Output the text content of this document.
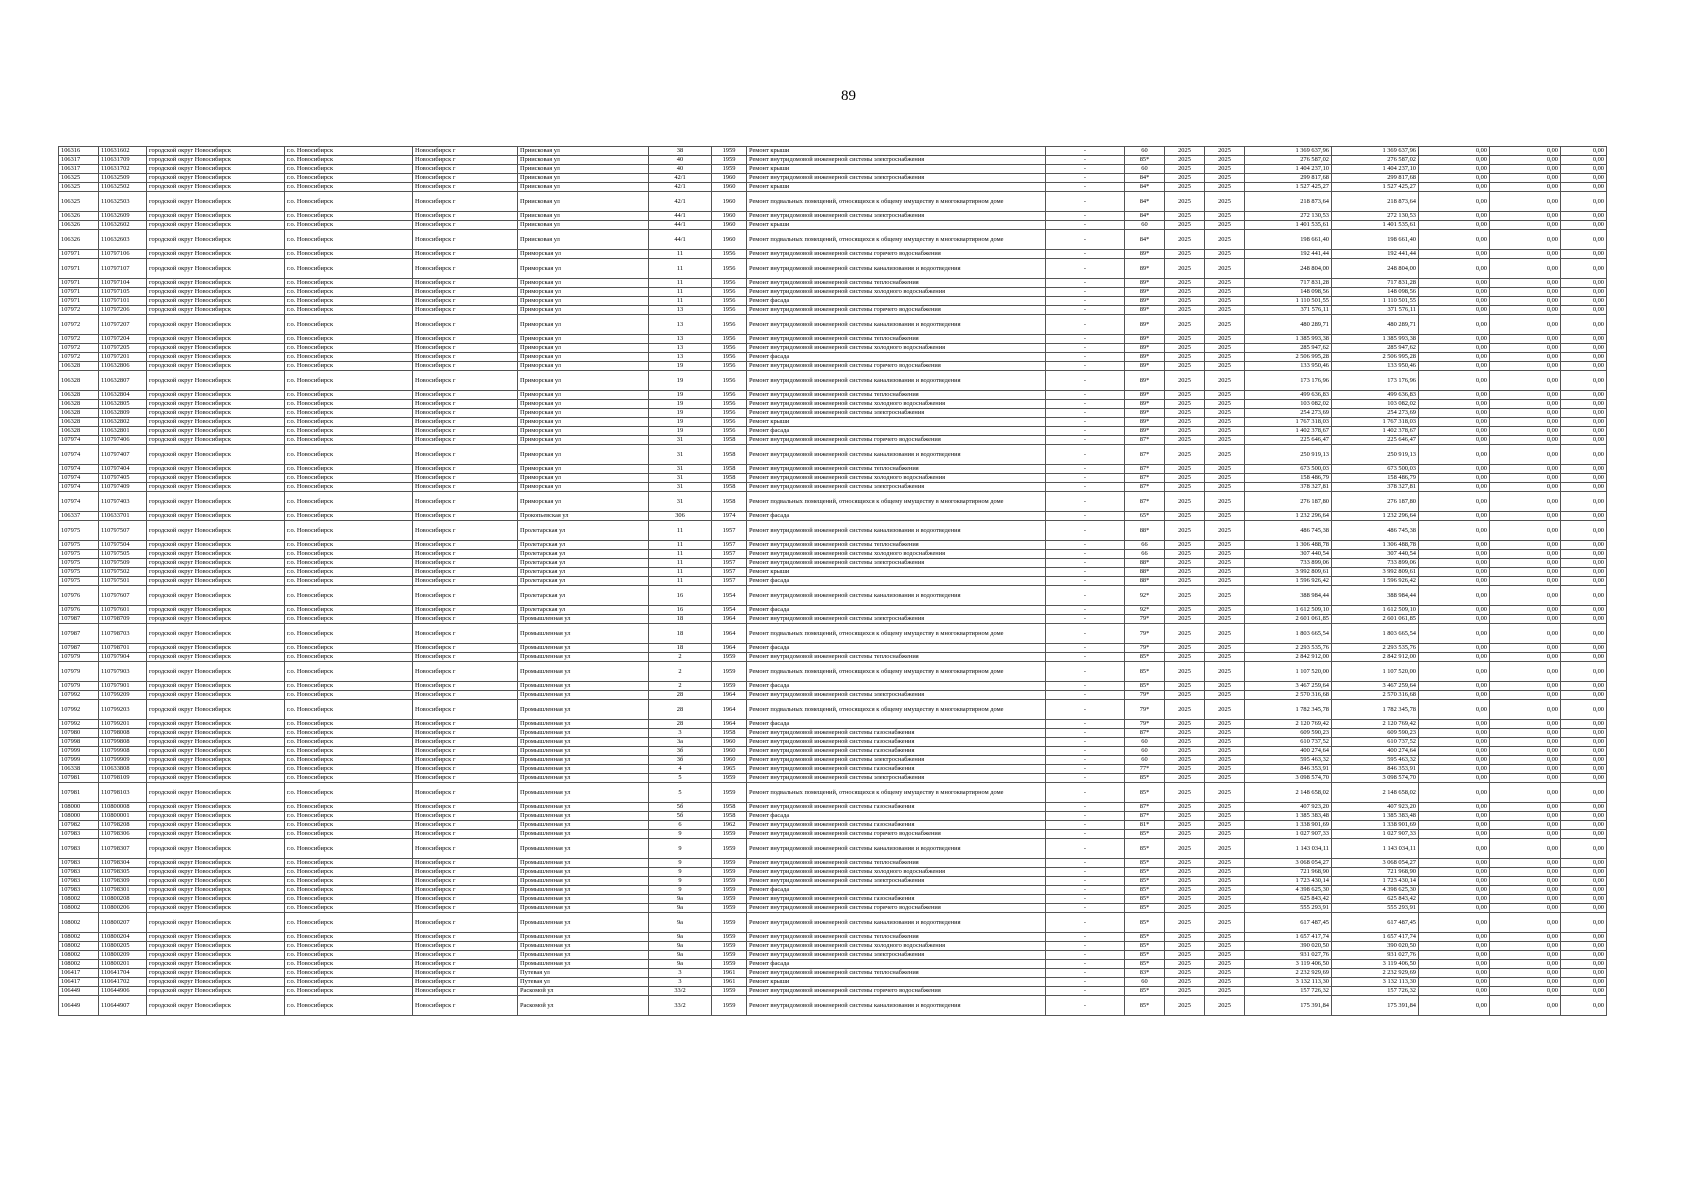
89
106316	110631602	городской округ Новосибирск	г.о. Новосибирск	Новосибирск г	Приисковая ул	38	1959	Ремонт крыши	-	60	2025	2025	1 369 637,96	1 369 637,96	0,00	0,00	0,00
106317	110631709	городской округ Новосибирск	г.о. Новосибирск	Новосибирск г	Приисковая ул	40	1959	Ремонт внутридомовой инженерной системы электроснабжения	-	85*	2025	2025	276 587,02	276 587,02	0,00	0,00	0,00
106317	110631702	городской округ Новосибирск	г.о. Новосибирск	Новосибирск г	Приисковая ул	40	1959	Ремонт крыши	-	60	2025	2025	1 404 237,10	1 404 237,10	0,00	0,00	0,00
106325	110632509	городской округ Новосибирск	г.о. Новосибирск	Новосибирск г	Приисковая ул	42/1	1960	Ремонт внутридомовой инженерной системы электроснабжения	-	84*	2025	2025	299 817,68	299 817,68	0,00	0,00	0,00
106325	110632502	городской округ Новосибирск	г.о. Новосибирск	Новосибирск г	Приисковая ул	42/1	1960	Ремонт крыши	-	84*	2025	2025	1 527 425,27	1 527 425,27	0,00	0,00	0,00
106325	110632503	городской округ Новосибирск	г.о. Новосибирск	Новосибирск г	Приисковая ул	42/1	1960	Ремонт подвальных помещений, относящихся к общему имуществу в многоквартирном доме	-	84*	2025	2025	218 873,64	218 873,64	0,00	0,00	0,00
106326	110632609	городской округ Новосибирск	г.о. Новосибирск	Новосибирск г	Приисковая ул	44/1	1960	Ремонт внутридомовой инженерной системы электроснабжения	-	84*	2025	2025	272 130,53	272 130,53	0,00	0,00	0,00
106326	110632602	городской округ Новосибирск	г.о. Новосибирск	Новосибирск г	Приисковая ул	44/1	1960	Ремонт крыши	-	60	2025	2025	1 401 535,61	1 401 535,61	0,00	0,00	0,00
106326	110632603	городской округ Новосибирск	г.о. Новосибирск	Новосибирск г	Приисковая ул	44/1	1960	Ремонт подвальных помещений, относящихся к общему имуществу в многоквартирном доме	-	84*	2025	2025	198 661,40	198 661,40	0,00	0,00	0,00
107971	110797106	городской округ Новосибирск	г.о. Новосибирск	Новосибирск г	Приморская ул	11	1956	Ремонт внутридомовой инженерной системы горячего водоснабжения	-	89*	2025	2025	192 441,44	192 441,44	0,00	0,00	0,00
107971	110797107	городской округ Новосибирск	г.о. Новосибирск	Новосибирск г	Приморская ул	11	1956	Ремонт внутридомовой инженерной системы канализования и водоотведения	-	89*	2025	2025	248 804,00	248 804,00	0,00	0,00	0,00
107971	110797104	городской округ Новосибирск	г.о. Новосибирск	Новосибирск г	Приморская ул	11	1956	Ремонт внутридомовой инженерной системы теплоснабжения	-	89*	2025	2025	717 831,28	717 831,28	0,00	0,00	0,00
107971	110797105	городской округ Новосибирск	г.о. Новосибирск	Новосибирск г	Приморская ул	11	1956	Ремонт внутридомовой инженерной системы холодного водоснабжения	-	89*	2025	2025	148 098,56	148 098,56	0,00	0,00	0,00
107971	110797101	городской округ Новосибирск	г.о. Новосибирск	Новосибирск г	Приморская ул	11	1956	Ремонт фасада	-	89*	2025	2025	1 110 501,55	1 110 501,55	0,00	0,00	0,00
107972	110797206	городской округ Новосибирск	г.о. Новосибирск	Новосибирск г	Приморская ул	13	1956	Ремонт внутридомовой инженерной системы горячего водоснабжения	-	89*	2025	2025	371 576,11	371 576,11	0,00	0,00	0,00
107972	110797207	городской округ Новосибирск	г.о. Новосибирск	Новосибирск г	Приморская ул	13	1956	Ремонт внутридомовой инженерной системы канализования и водоотведения	-	89*	2025	2025	480 289,71	480 289,71	0,00	0,00	0,00
107972	110797204	городской округ Новосибирск	г.о. Новосибирск	Новосибирск г	Приморская ул	13	1956	Ремонт внутридомовой инженерной системы теплоснабжения	-	89*	2025	2025	1 385 993,38	1 385 993,38	0,00	0,00	0,00
107972	110797205	городской округ Новосибирск	г.о. Новосибирск	Новосибирск г	Приморская ул	13	1956	Ремонт внутридомовой инженерной системы холодного водоснабжения	-	89*	2025	2025	285 947,62	285 947,62	0,00	0,00	0,00
107972	110797201	городской округ Новосибирск	г.о. Новосибирск	Новосибирск г	Приморская ул	13	1956	Ремонт фасада	-	89*	2025	2025	2 506 995,28	2 506 995,28	0,00	0,00	0,00
106328	110632806	городской округ Новосибирск	г.о. Новосибирск	Новосибирск г	Приморская ул	19	1956	Ремонт внутридомовой инженерной системы горячего водоснабжения	-	89*	2025	2025	133 950,46	133 950,46	0,00	0,00	0,00
106328	110632807	городской округ Новосибирск	г.о. Новосибирск	Новосибирск г	Приморская ул	19	1956	Ремонт внутридомовой инженерной системы канализования и водоотведения	-	89*	2025	2025	173 176,96	173 176,96	0,00	0,00	0,00
106328	110632804	городской округ Новосибирск	г.о. Новосибирск	Новосибирск г	Приморская ул	19	1956	Ремонт внутридомовой инженерной системы теплоснабжения	-	89*	2025	2025	499 636,83	499 636,83	0,00	0,00	0,00
106328	110632805	городской округ Новосибирск	г.о. Новосибирск	Новосибирск г	Приморская ул	19	1956	Ремонт внутридомовой инженерной системы холодного водоснабжения	-	89*	2025	2025	103 082,02	103 082,02	0,00	0,00	0,00
106328	110632809	городской округ Новосибирск	г.о. Новосибирск	Новосибирск г	Приморская ул	19	1956	Ремонт внутридомовой инженерной системы электроснабжения	-	89*	2025	2025	254 273,69	254 273,69	0,00	0,00	0,00
106328	110632802	городской округ Новосибирск	г.о. Новосибирск	Новосибирск г	Приморская ул	19	1956	Ремонт крыши	-	89*	2025	2025	1 767 318,03	1 767 318,03	0,00	0,00	0,00
106328	110632801	городской округ Новосибирск	г.о. Новосибирск	Новосибирск г	Приморская ул	19	1956	Ремонт фасада	-	89*	2025	2025	1 402 378,67	1 402 378,67	0,00	0,00	0,00
107974	110797406	городской округ Новосибирск	г.о. Новосибирск	Новосибирск г	Приморская ул	31	1958	Ремонт внутридомовой инженерной системы горячего водоснабжения	-	87*	2025	2025	225 646,47	225 646,47	0,00	0,00	0,00
107974	110797407	городской округ Новосибирск	г.о. Новосибирск	Новосибирск г	Приморская ул	31	1958	Ремонт внутридомовой инженерной системы канализования и водоотведения	-	87*	2025	2025	250 919,13	250 919,13	0,00	0,00	0,00
107974	110797404	городской округ Новосибирск	г.о. Новосибирск	Новосибирск г	Приморская ул	31	1958	Ремонт внутридомовой инженерной системы теплоснабжения	-	87*	2025	2025	673 500,03	673 500,03	0,00	0,00	0,00
107974	110797405	городской округ Новосибирск	г.о. Новосибирск	Новосибирск г	Приморская ул	31	1958	Ремонт внутридомовой инженерной системы холодного водоснабжения	-	87*	2025	2025	158 486,79	158 486,79	0,00	0,00	0,00
107974	110797409	городской округ Новосибирск	г.о. Новосибирск	Новосибирск г	Приморская ул	31	1958	Ремонт внутридомовой инженерной системы электроснабжения	-	87*	2025	2025	378 327,81	378 327,81	0,00	0,00	0,00
107974	110797403	городской округ Новосибирск	г.о. Новосибирск	Новосибирск г	Приморская ул	31	1958	Ремонт подвальных помещений, относящихся к общему имуществу в многоквартирном доме	-	87*	2025	2025	276 187,80	276 187,80	0,00	0,00	0,00
106337	110633701	городской округ Новосибирск	г.о. Новосибирск	Новосибирск г	Прокопьевская ул	306	1974	Ремонт фасада	-	65*	2025	2025	1 232 296,64	1 232 296,64	0,00	0,00	0,00
107975	110797507	городской округ Новосибирск	г.о. Новосибирск	Новосибирск г	Пролетарская ул	11	1957	Ремонт внутридомовой инженерной системы канализования и водоотведения	-	88*	2025	2025	486 745,38	486 745,38	0,00	0,00	0,00
107975	110797504	городской округ Новосибирск	г.о. Новосибирск	Новосибирск г	Пролетарская ул	11	1957	Ремонт внутридомовой инженерной системы теплоснабжения	-	66	2025	2025	1 306 488,78	1 306 488,78	0,00	0,00	0,00
107975	110797505	городской округ Новосибирск	г.о. Новосибирск	Новосибирск г	Пролетарская ул	11	1957	Ремонт внутридомовой инженерной системы холодного водоснабжения	-	66	2025	2025	307 440,54	307 440,54	0,00	0,00	0,00
107975	110797509	городской округ Новосибирск	г.о. Новосибирск	Новосибирск г	Пролетарская ул	11	1957	Ремонт внутридомовой инженерной системы электроснабжения	-	88*	2025	2025	733 899,06	733 899,06	0,00	0,00	0,00
107975	110797502	городской округ Новосибирск	г.о. Новосибирск	Новосибирск г	Пролетарская ул	11	1957	Ремонт крыши	-	88*	2025	2025	3 992 809,61	3 992 809,61	0,00	0,00	0,00
107975	110797501	городской округ Новосибирск	г.о. Новосибирск	Новосибирск г	Пролетарская ул	11	1957	Ремонт фасада	-	88*	2025	2025	1 596 926,42	1 596 926,42	0,00	0,00	0,00
107976	110797607	городской округ Новосибирск	г.о. Новосибирск	Новосибирск г	Пролетарская ул	16	1954	Ремонт внутридомовой инженерной системы канализования и водоотведения	-	92*	2025	2025	388 984,44	388 984,44	0,00	0,00	0,00
107976	110797601	городской округ Новосибирск	г.о. Новосибирск	Новосибирск г	Пролетарская ул	16	1954	Ремонт фасада	-	92*	2025	2025	1 612 509,10	1 612 509,10	0,00	0,00	0,00
107987	110798709	городской округ Новосибирск	г.о. Новосибирск	Новосибирск г	Промышленная ул	18	1964	Ремонт внутридомовой инженерной системы электроснабжения	-	79*	2025	2025	2 601 061,85	2 601 061,85	0,00	0,00	0,00
107987	110798703	городской округ Новосибирск	г.о. Новосибирск	Новосибирск г	Промышленная ул	18	1964	Ремонт подвальных помещений, относящихся к общему имуществу в многоквартирном доме	-	79*	2025	2025	1 803 665,54	1 803 665,54	0,00	0,00	0,00
107987	110798701	городской округ Новосибирск	г.о. Новосибирск	Новосибирск г	Промышленная ул	18	1964	Ремонт фасада	-	79*	2025	2025	2 293 535,76	2 293 535,76	0,00	0,00	0,00
107979	110797904	городской округ Новосибирск	г.о. Новосибирск	Новосибирск г	Промышленная ул	2	1959	Ремонт внутридомовой инженерной системы теплоснабжения	-	85*	2025	2025	2 842 912,00	2 842 912,00	0,00	0,00	0,00
107979	110797903	городской округ Новосибирск	г.о. Новосибирск	Новосибирск г	Промышленная ул	2	1959	Ремонт подвальных помещений, относящихся к общему имуществу в многоквартирном доме	-	85*	2025	2025	1 107 520,00	1 107 520,00	0,00	0,00	0,00
107979	110797901	городской округ Новосибирск	г.о. Новосибирск	Новосибирск г	Промышленная ул	2	1959	Ремонт фасада	-	85*	2025	2025	3 467 259,64	3 467 259,64	0,00	0,00	0,00
107992	110799209	городской округ Новосибирск	г.о. Новосибирск	Новосибирск г	Промышленная ул	28	1964	Ремонт внутридомовой инженерной системы электроснабжения	-	79*	2025	2025	2 570 316,68	2 570 316,68	0,00	0,00	0,00
107992	110799203	городской округ Новосибирск	г.о. Новосибирск	Новосибирск г	Промышленная ул	28	1964	Ремонт подвальных помещений, относящихся к общему имуществу в многоквартирном доме	-	79*	2025	2025	1 782 345,78	1 782 345,78	0,00	0,00	0,00
107992	110799201	городской округ Новосибирск	г.о. Новосибирск	Новосибирск г	Промышленная ул	28	1964	Ремонт фасада	-	79*	2025	2025	2 120 769,42	2 120 769,42	0,00	0,00	0,00
107980	110798008	городской округ Новосибирск	г.о. Новосибирск	Новосибирск г	Промышленная ул	3	1958	Ремонт внутридомовой инженерной системы газоснабжения	-	87*	2025	2025	609 590,23	609 590,23	0,00	0,00	0,00
107998	110799808	городской округ Новосибирск	г.о. Новосибирск	Новосибирск г	Промышленная ул	3а	1960	Ремонт внутридомовой инженерной системы газоснабжения	-	60	2025	2025	610 737,52	610 737,52	0,00	0,00	0,00
107999	110799908	городской округ Новосибирск	г.о. Новосибирск	Новосибирск г	Промышленная ул	3б	1960	Ремонт внутридомовой инженерной системы газоснабжения	-	60	2025	2025	400 274,64	400 274,64	0,00	0,00	0,00
107999	110799909	городской округ Новосибирск	г.о. Новосибирск	Новосибирск г	Промышленная ул	3б	1960	Ремонт внутридомовой инженерной системы электроснабжения	-	60	2025	2025	595 463,32	595 463,32	0,00	0,00	0,00
106338	110633808	городской округ Новосибирск	г.о. Новосибирск	Новосибирск г	Промышленная ул	4	1965	Ремонт внутридомовой инженерной системы газоснабжения	-	77*	2025	2025	846 353,91	846 353,91	0,00	0,00	0,00
107981	110798109	городской округ Новосибирск	г.о. Новосибирск	Новосибирск г	Промышленная ул	5	1959	Ремонт внутридомовой инженерной системы электроснабжения	-	85*	2025	2025	3 098 574,70	3 098 574,70	0,00	0,00	0,00
107981	110798103	городской округ Новосибирск	г.о. Новосибирск	Новосибирск г	Промышленная ул	5	1959	Ремонт подвальных помещений, относящихся к общему имуществу в многоквартирном доме	-	85*	2025	2025	2 148 658,02	2 148 658,02	0,00	0,00	0,00
108000	110800008	городской округ Новосибирск	г.о. Новосибирск	Новосибирск г	Промышленная ул	5б	1958	Ремонт внутридомовой инженерной системы газоснабжения	-	87*	2025	2025	407 923,20	407 923,20	0,00	0,00	0,00
108000	110800001	городской округ Новосибирск	г.о. Новосибирск	Новосибирск г	Промышленная ул	5б	1958	Ремонт фасада	-	87*	2025	2025	1 385 383,48	1 385 383,48	0,00	0,00	0,00
107982	110798208	городской округ Новосибирск	г.о. Новосибирск	Новосибирск г	Промышленная ул	6	1962	Ремонт внутридомовой инженерной системы газоснабжения	-	81*	2025	2025	1 338 901,69	1 338 901,69	0,00	0,00	0,00
107983	110798306	городской округ Новосибирск	г.о. Новосибирск	Новосибирск г	Промышленная ул	9	1959	Ремонт внутридомовой инженерной системы горячего водоснабжения	-	85*	2025	2025	1 027 907,33	1 027 907,33	0,00	0,00	0,00
107983	110798307	городской округ Новосибирск	г.о. Новосибирск	Новосибирск г	Промышленная ул	9	1959	Ремонт внутридомовой инженерной системы канализования и водоотведения	-	85*	2025	2025	1 143 034,11	1 143 034,11	0,00	0,00	0,00
107983	110798304	городской округ Новосибирск	г.о. Новосибирск	Новосибирск г	Промышленная ул	9	1959	Ремонт внутридомовой инженерной системы теплоснабжения	-	85*	2025	2025	3 068 054,27	3 068 054,27	0,00	0,00	0,00
107983	110798305	городской округ Новосибирск	г.о. Новосибирск	Новосибирск г	Промышленная ул	9	1959	Ремонт внутридомовой инженерной системы холодного водоснабжения	-	85*	2025	2025	721 968,90	721 968,90	0,00	0,00	0,00
107983	110798309	городской округ Новосибирск	г.о. Новосибирск	Новосибирск г	Промышленная ул	9	1959	Ремонт внутридомовой инженерной системы электроснабжения	-	85*	2025	2025	1 723 430,14	1 723 430,14	0,00	0,00	0,00
107983	110798301	городской округ Новосибирск	г.о. Новосибирск	Новосибирск г	Промышленная ул	9	1959	Ремонт фасада	-	85*	2025	2025	4 398 625,30	4 398 625,30	0,00	0,00	0,00
108002	110800208	городской округ Новосибирск	г.о. Новосибирск	Новосибирск г	Промышленная ул	9а	1959	Ремонт внутридомовой инженерной системы газоснабжения	-	85*	2025	2025	625 843,42	625 843,42	0,00	0,00	0,00
108002	110800206	городской округ Новосибирск	г.о. Новосибирск	Новосибирск г	Промышленная ул	9а	1959	Ремонт внутридомовой инженерной системы горячего водоснабжения	-	85*	2025	2025	555 293,91	555 293,91	0,00	0,00	0,00
108002	110800207	городской округ Новосибирск	г.о. Новосибирск	Новосибирск г	Промышленная ул	9а	1959	Ремонт внутридомовой инженерной системы канализования и водоотведения	-	85*	2025	2025	617 487,45	617 487,45	0,00	0,00	0,00
108002	110800204	городской округ Новосибирск	г.о. Новосибирск	Новосибирск г	Промышленная ул	9а	1959	Ремонт внутридомовой инженерной системы теплоснабжения	-	85*	2025	2025	1 657 417,74	1 657 417,74	0,00	0,00	0,00
108002	110800205	городской округ Новосибирск	г.о. Новосибирск	Новосибирск г	Промышленная ул	9а	1959	Ремонт внутридомовой инженерной системы холодного водоснабжения	-	85*	2025	2025	390 020,50	390 020,50	0,00	0,00	0,00
108002	110800209	городской округ Новосибирск	г.о. Новосибирск	Новосибирск г	Промышленная ул	9а	1959	Ремонт внутридомовой инженерной системы электроснабжения	-	85*	2025	2025	931 027,76	931 027,76	0,00	0,00	0,00
108002	110800201	городской округ Новосибирск	г.о. Новосибирск	Новосибирск г	Промышленная ул	9а	1959	Ремонт фасада	-	85*	2025	2025	3 119 406,50	3 119 406,50	0,00	0,00	0,00
106417	110641704	городской округ Новосибирск	г.о. Новосибирск	Новосибирск г	Путевая ул	3	1961	Ремонт внутридомовой инженерной системы теплоснабжения	-	83*	2025	2025	2 232 929,69	2 232 929,69	0,00	0,00	0,00
106417	110641702	городской округ Новосибирск	г.о. Новосибирск	Новосибирск г	Путевая ул	3	1961	Ремонт крыши	-	60	2025	2025	3 132 113,30	3 132 113,30	0,00	0,00	0,00
106449	110644906	городской округ Новосибирск	г.о. Новосибирск	Новосибирск г	Раскомой ул	33/2	1959	Ремонт внутридомовой инженерной системы горячего водоснабжения	-	85*	2025	2025	157 726,32	157 726,32	0,00	0,00	0,00
106449	110644907	городской округ Новосибирск	г.о. Новосибирск	Новосибирск г	Раскомой ул	33/2	1959	Ремонт внутридомовой инженерной системы канализования и водоотведения	-	85*	2025	2025	175 391,84	175 391,84	0,00	0,00	0,00
